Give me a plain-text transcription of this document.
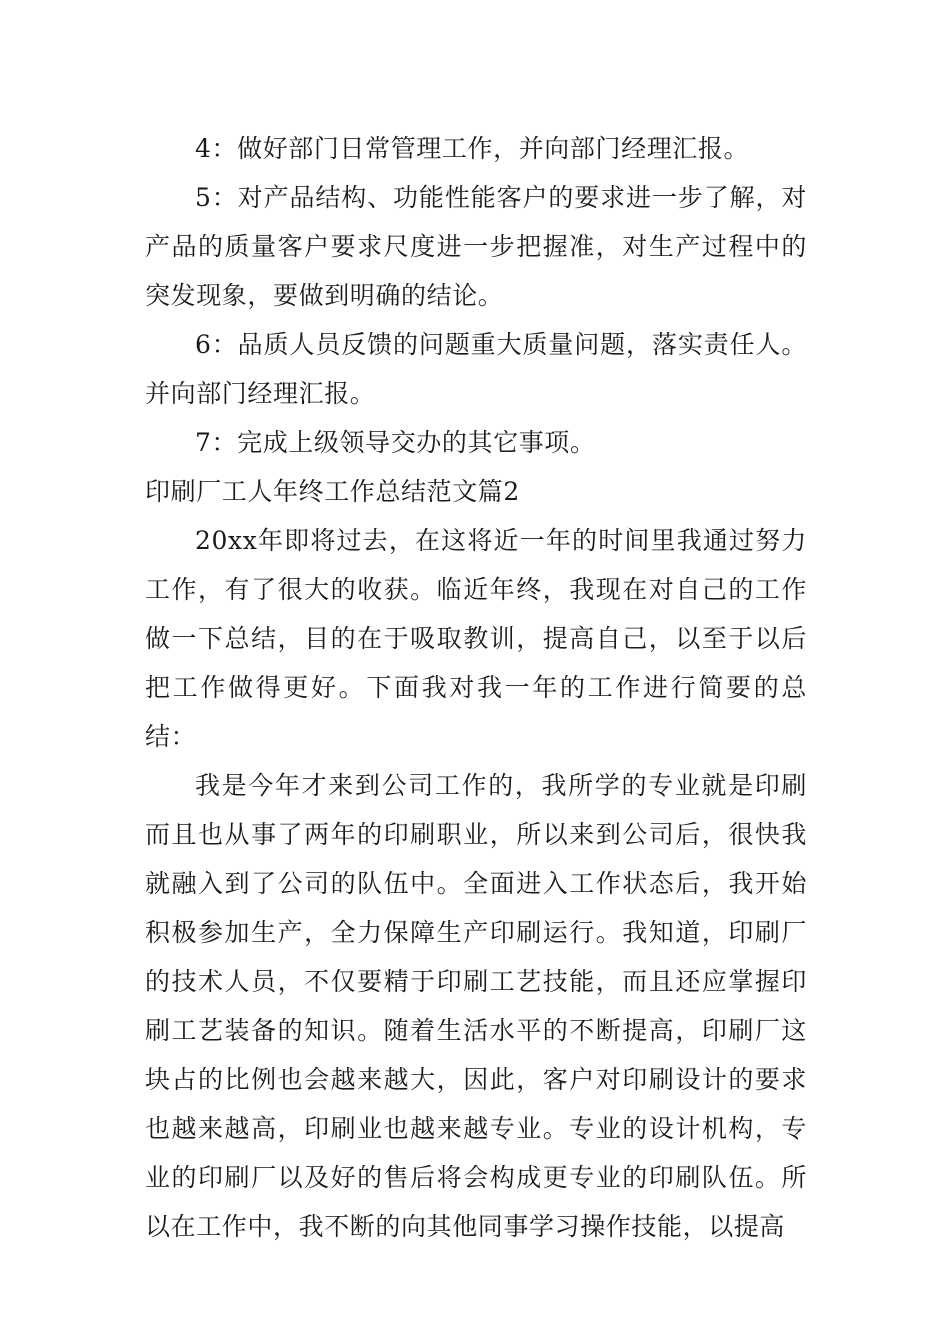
4：做好部门日常管理工作，并向部门经理汇报。

5：对产品结构、功能性能客户的要求进一步了解，对产品的质量客户要求尺度进一步把握准，对生产过程中的突发现象，要做到明确的结论。

6：品质人员反馈的问题重大质量问题，落实责任人。并向部门经理汇报。

7：完成上级领导交办的其它事项。

印刷厂工人年终工作总结范文篇2

20xx年即将过去，在这将近一年的时间里我通过努力工作，有了很大的收获。临近年终，我现在对自己的工作做一下总结，目的在于吸取教训，提高自己，以至于以后把工作做得更好。下面我对我一年的工作进行简要的总结：

我是今年才来到公司工作的，我所学的专业就是印刷而且也从事了两年的印刷职业，所以来到公司后，很快我就融入到了公司的队伍中。全面进入工作状态后，我开始积极参加生产，全力保障生产印刷运行。我知道，印刷厂的技术人员，不仅要精于印刷工艺技能，而且还应掌握印刷工艺装备的知识。随着生活水平的不断提高，印刷厂这块占的比例也会越来越大，因此，客户对印刷设计的要求也越来越高，印刷业也越来越专业。专业的设计机构，专业的印刷厂以及好的售后将会构成更专业的印刷队伍。所以在工作中，我不断的向其他同事学习操作技能，以提高
